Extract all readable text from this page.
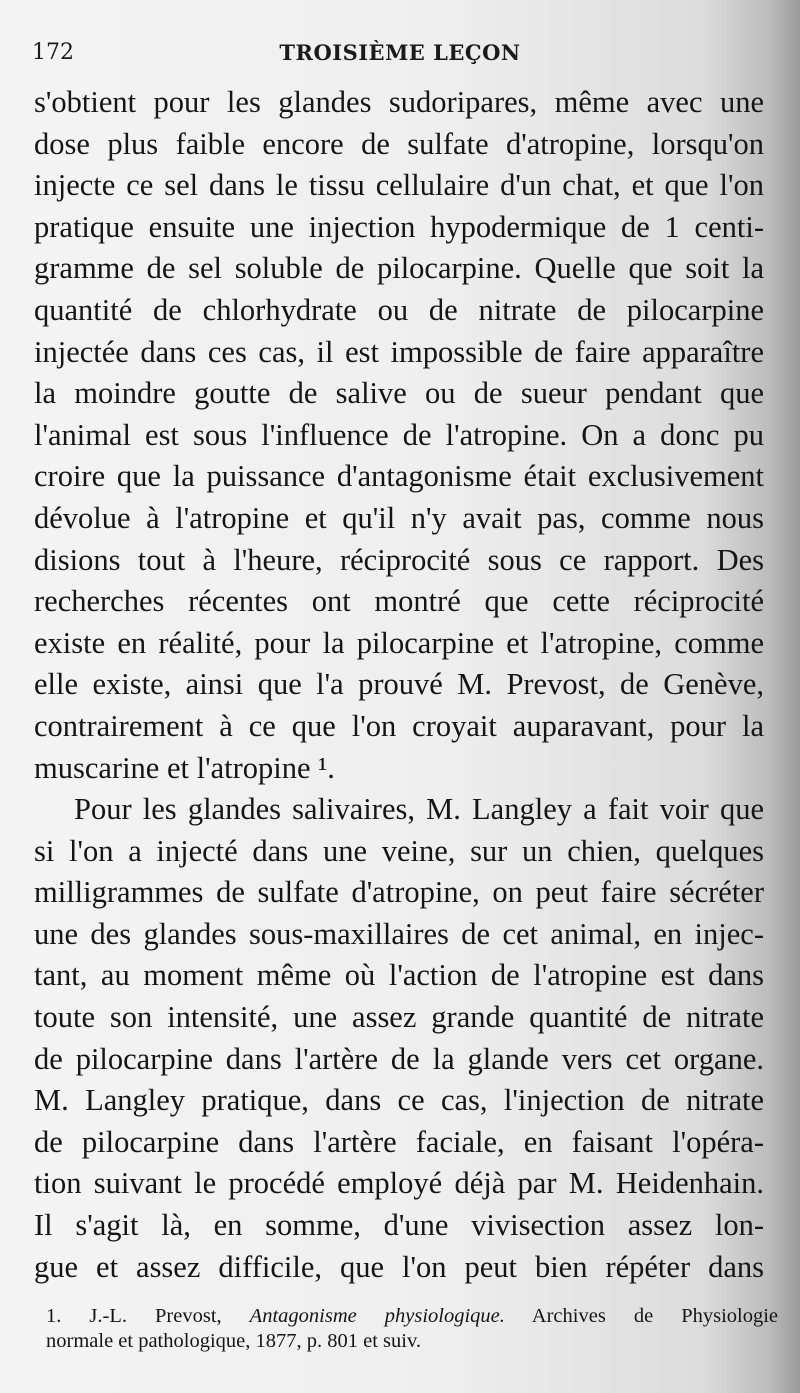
172	TROISIÈME LEÇON

s'obtient pour les glandes sudoripares, même avec une
dose plus faible encore de sulfate d'atropine, lorsqu'on
injecte ce sel dans le tissu cellulaire d'un chat, et que l'on
pratique ensuite une injection hypodermique de 1 centi-
gramme de sel soluble de pilocarpine. Quelle que soit la
quantité de chlorhydrate ou de nitrate de pilocarpine
injectée dans ces cas, il est impossible de faire apparaître
la moindre goutte de salive ou de sueur pendant que
l'animal est sous l'influence de l'atropine. On a donc pu
croire que la puissance d'antagonisme était exclusivement
dévolue à l'atropine et qu'il n'y avait pas, comme nous
disions tout à l'heure, réciprocité sous ce rapport. Des
recherches récentes ont montré que cette réciprocité
existe en réalité, pour la pilocarpine et l'atropine, comme
elle existe, ainsi que l'a prouvé M. Prevost, de Genève,
contrairement à ce que l'on croyait auparavant, pour la
muscarine et l'atropine ¹.

Pour les glandes salivaires, M. Langley a fait voir que
si l'on a injecté dans une veine, sur un chien, quelques
milligrammes de sulfate d'atropine, on peut faire sécréter
une des glandes sous-maxillaires de cet animal, en injec-
tant, au moment même où l'action de l'atropine est dans
toute son intensité, une assez grande quantité de nitrate
de pilocarpine dans l'artère de la glande vers cet organe.
M. Langley pratique, dans ce cas, l'injection de nitrate
de pilocarpine dans l'artère faciale, en faisant l'opéra-
tion suivant le procédé employé déjà par M. Heidenhain.
Il s'agit là, en somme, d'une vivisection assez lon-
gue et assez difficile, que l'on peut bien répéter dans

1. J.-L. Prevost, Antagonisme physiologique. Archives de Physiologie
normale et pathologique, 1877, p. 801 et suiv.
